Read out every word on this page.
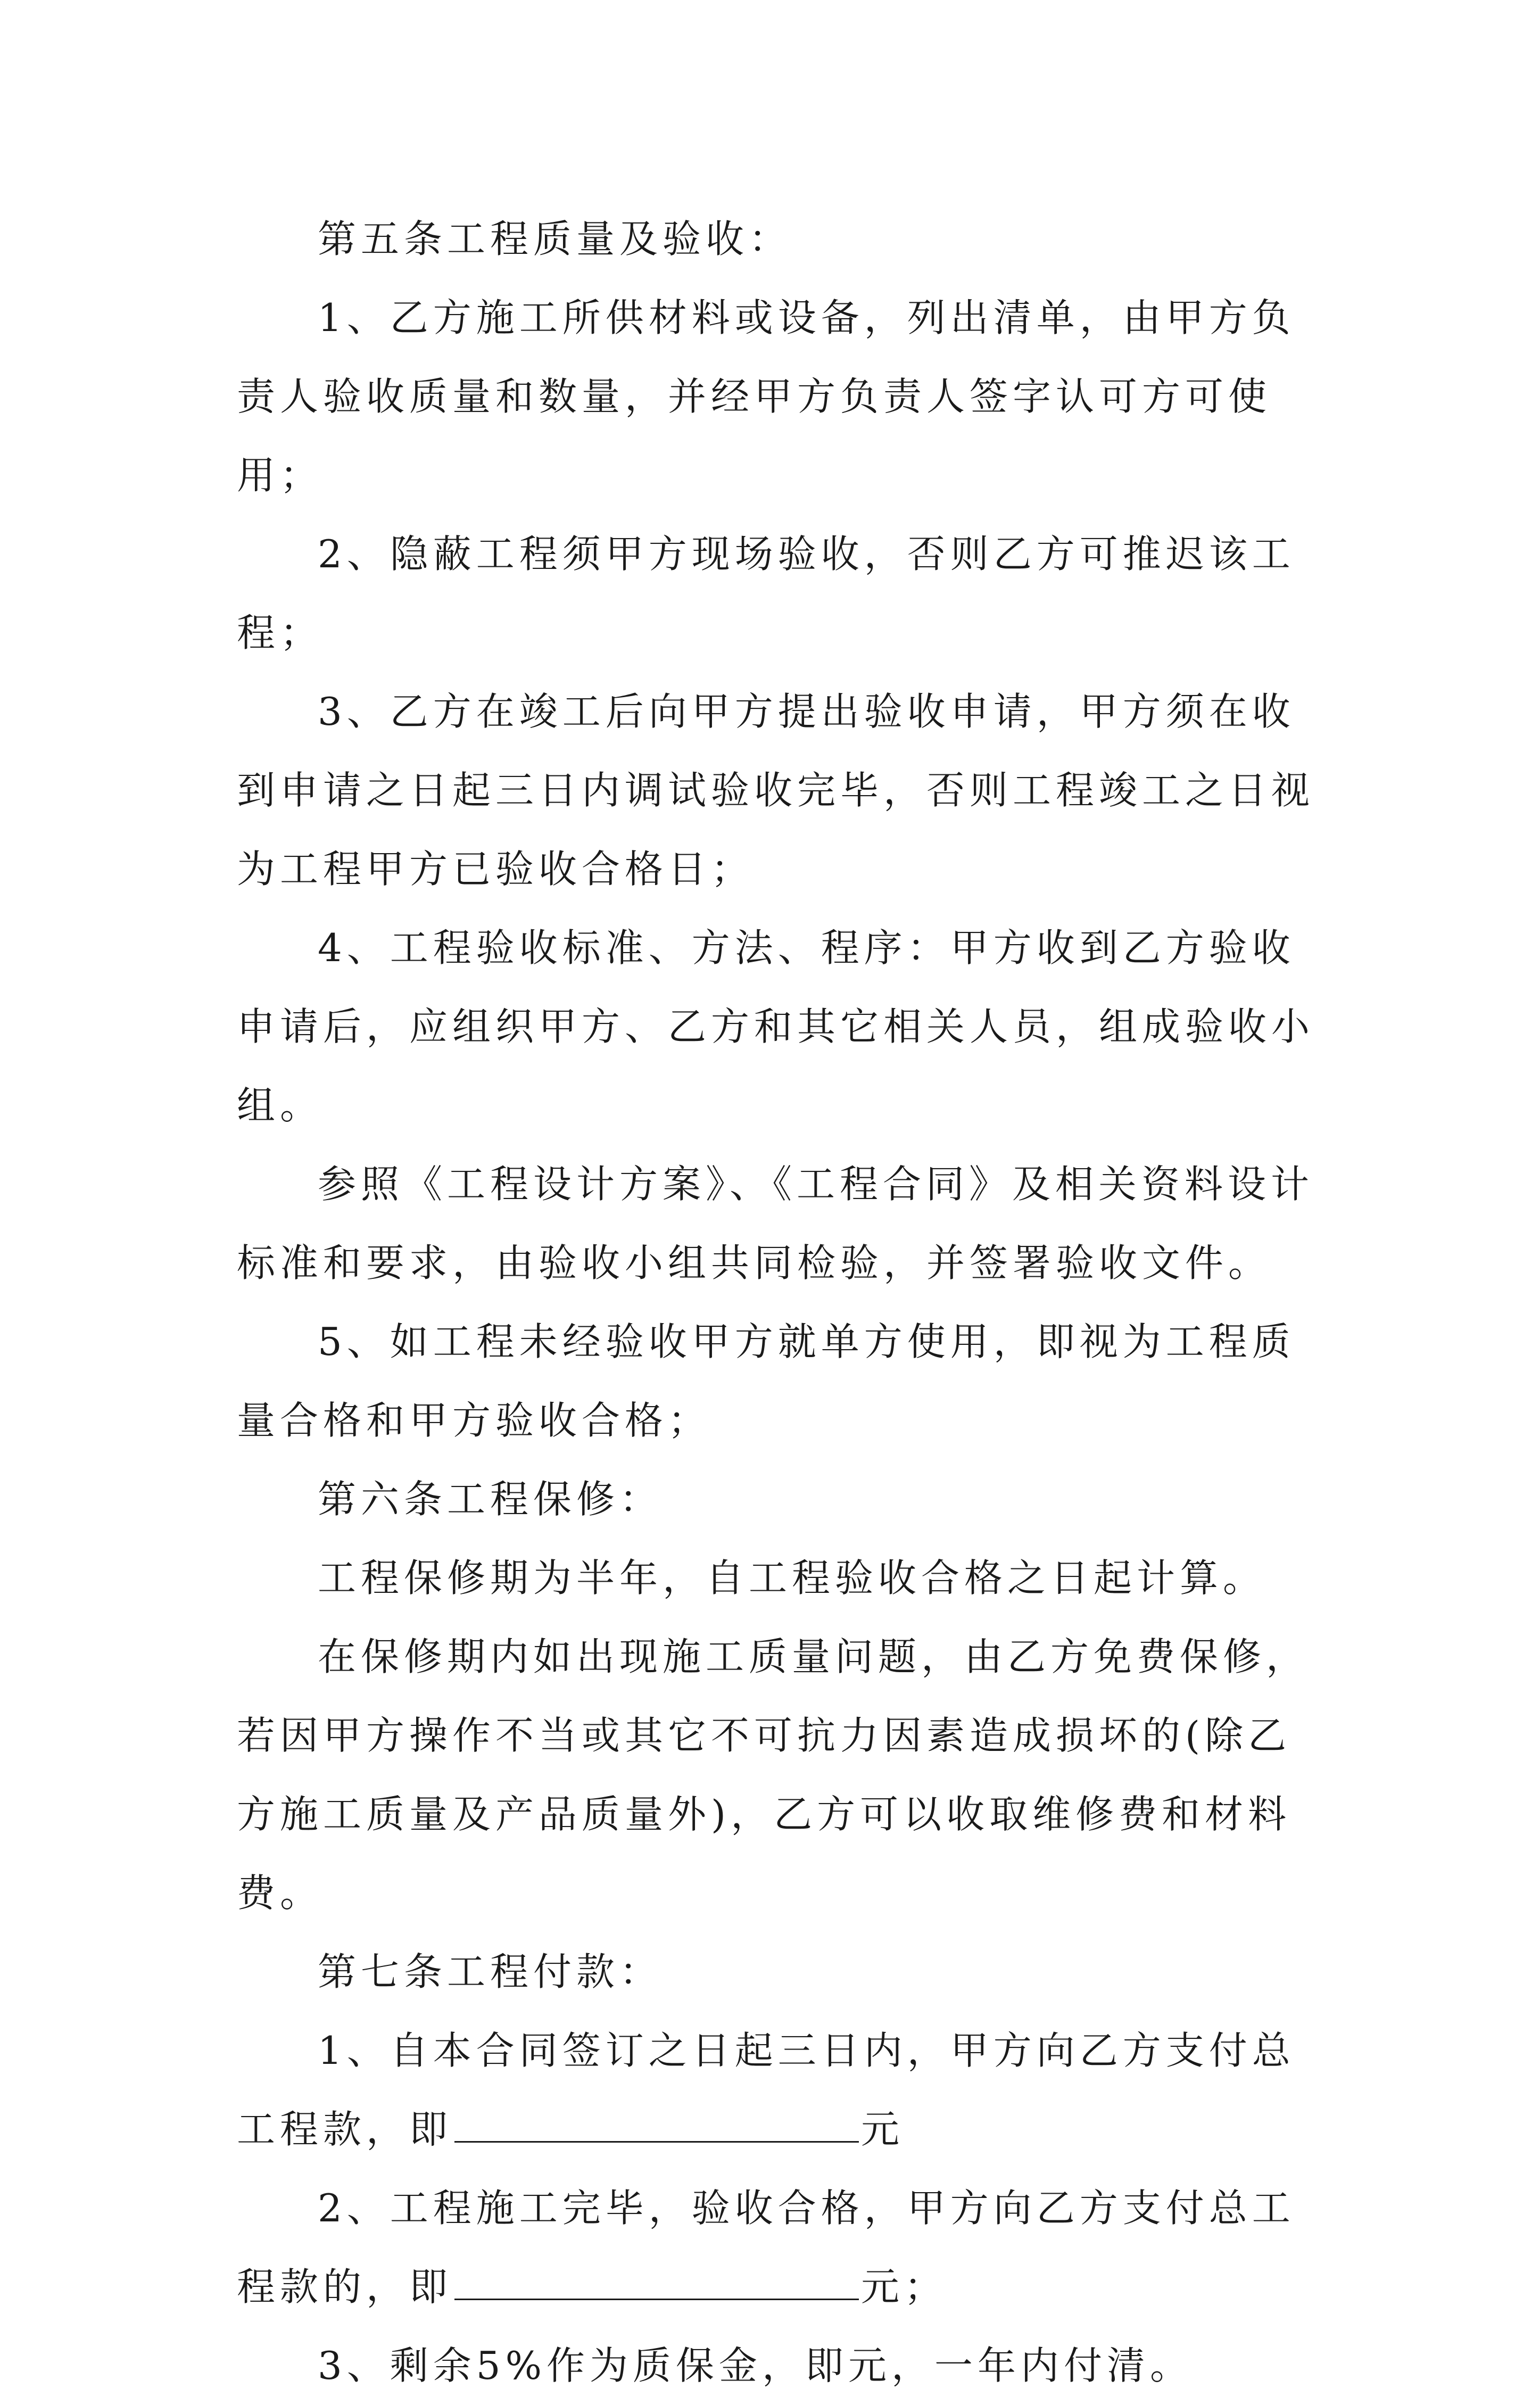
第五条工程质量及验收：

1、乙方施工所供材料或设备，列出清单，由甲方负责人验收质量和数量，并经甲方负责人签字认可方可使用；

2、隐蔽工程须甲方现场验收，否则乙方可推迟该工程；

3、乙方在竣工后向甲方提出验收申请，甲方须在收到申请之日起三日内调试验收完毕，否则工程竣工之日视为工程甲方已验收合格日；

4、工程验收标准、方法、程序：甲方收到乙方验收申请后，应组织甲方、乙方和其它相关人员，组成验收小组。

参照《工程设计方案》、《工程合同》及相关资料设计标准和要求，由验收小组共同检验，并签署验收文件。

5、如工程未经验收甲方就单方使用，即视为工程质量合格和甲方验收合格；

第六条工程保修：

工程保修期为半年，自工程验收合格之日起计算。

在保修期内如出现施工质量问题，由乙方免费保修，若因甲方操作不当或其它不可抗力因素造成损坏的(除乙方施工质量及产品质量外)，乙方可以收取维修费和材料费。

第七条工程付款：

1、自本合同签订之日起三日内，甲方向乙方支付总工程款，即	元

2、工程施工完毕，验收合格，甲方向乙方支付总工程款的，即	元；

3、剩余5%作为质保金，即元，一年内付清。
